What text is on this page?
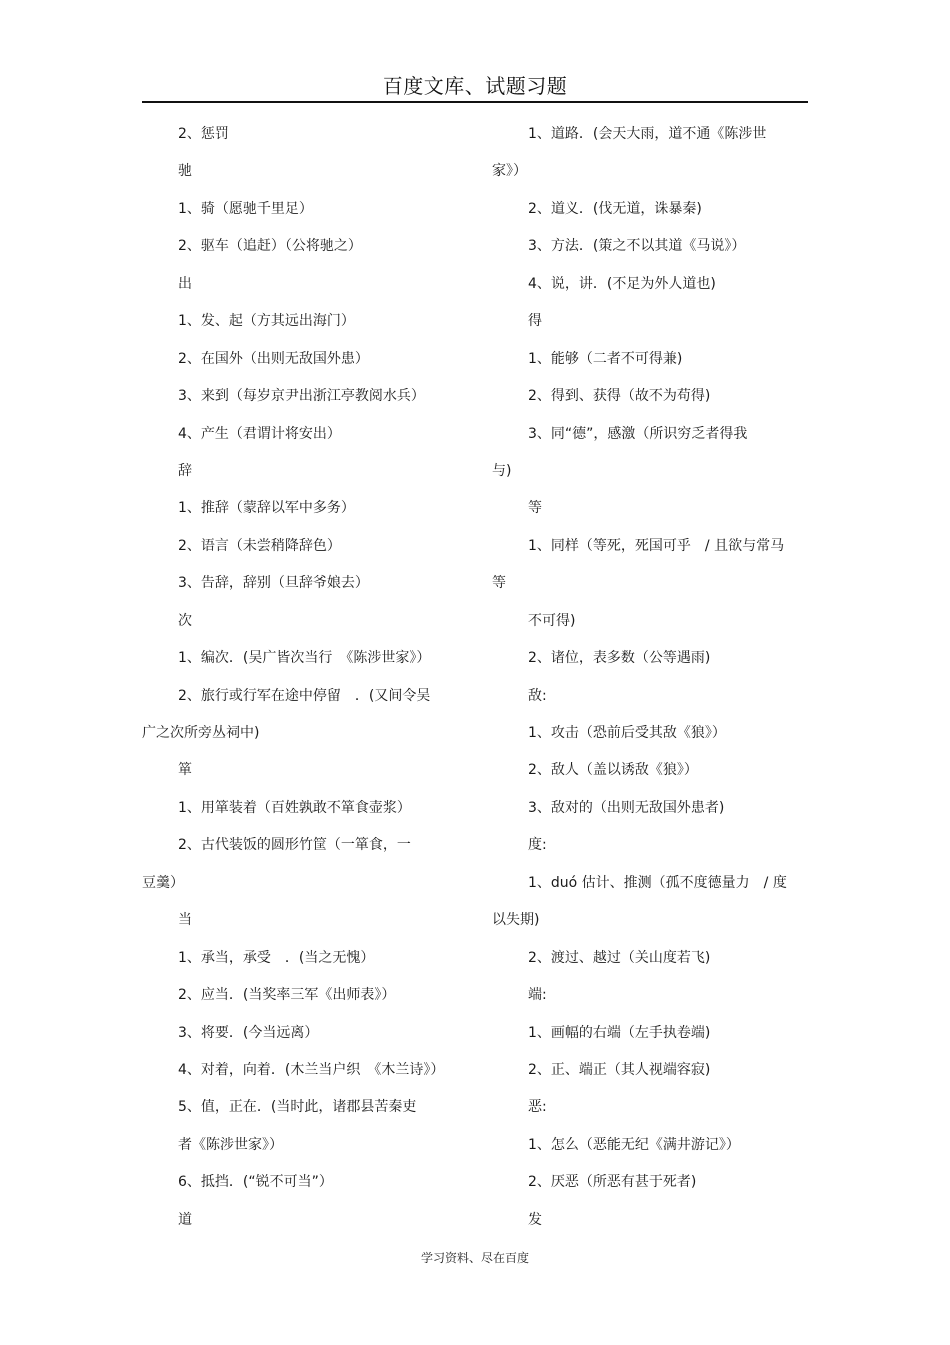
百度文库、试题习题
2、惩罚
驰
1、骑（愿驰千里足）
2、驱车（追赶）（公将驰之）
出
1、发、起（方其远出海门）
2、在国外（出则无敌国外患）
3、来到（每岁京尹出浙江亭教阅水兵）
4、产生（君谓计将安出）
辞
1、推辞（蒙辞以军中多务）
2、语言（未尝稍降辞色）
3、告辞，辞别（旦辞爷娘去）
次
1、编次．(吴广皆次当行　《陈涉世家》）
2、旅行或行军在途中停留　．(又间令吴
广之次所旁丛祠中)
箪
1、用箪装着（百姓孰敢不箪食壶浆）
2、古代装饭的圆形竹筐（一箪食，一
豆羹）
当
1、承当，承受　．(当之无愧）
2、应当．(当奖率三军《出师表》）
3、将要．(今当远离）
4、对着，向着．(木兰当户织　《木兰诗》）
5、值，正在．(当时此，诸郡县苦秦吏
者《陈涉世家》）
6、抵挡．(“锐不可当”）
道
1、道路．(会天大雨，道不通《陈涉世
家》）
2、道义．(伐无道，诛暴秦)
3、方法．(策之不以其道《马说》）
4、说，讲．(不足为外人道也)
得
1、能够（二者不可得兼)
2、得到、获得（故不为苟得)
3、同“德”，感激（所识穷乏者得我
与)
等
1、同样（等死，死国可乎　/ 且欲与常马
等
不可得)
2、诸位，表多数（公等遇雨)
敌:
1、攻击（恐前后受其敌《狼》）
2、敌人（盖以诱敌《狼》）
3、敌对的（出则无敌国外患者)
度:
1、duó 估计、推测（孤不度德量力　/ 度
以失期)
2、渡过、越过（关山度若飞)
端:
1、画幅的右端（左手执卷端)
2、正、端正（其人视端容寂)
恶:
1、怎么（恶能无纪《满井游记》）
2、厌恶（所恶有甚于死者)
发
学习资料、尽在百度
